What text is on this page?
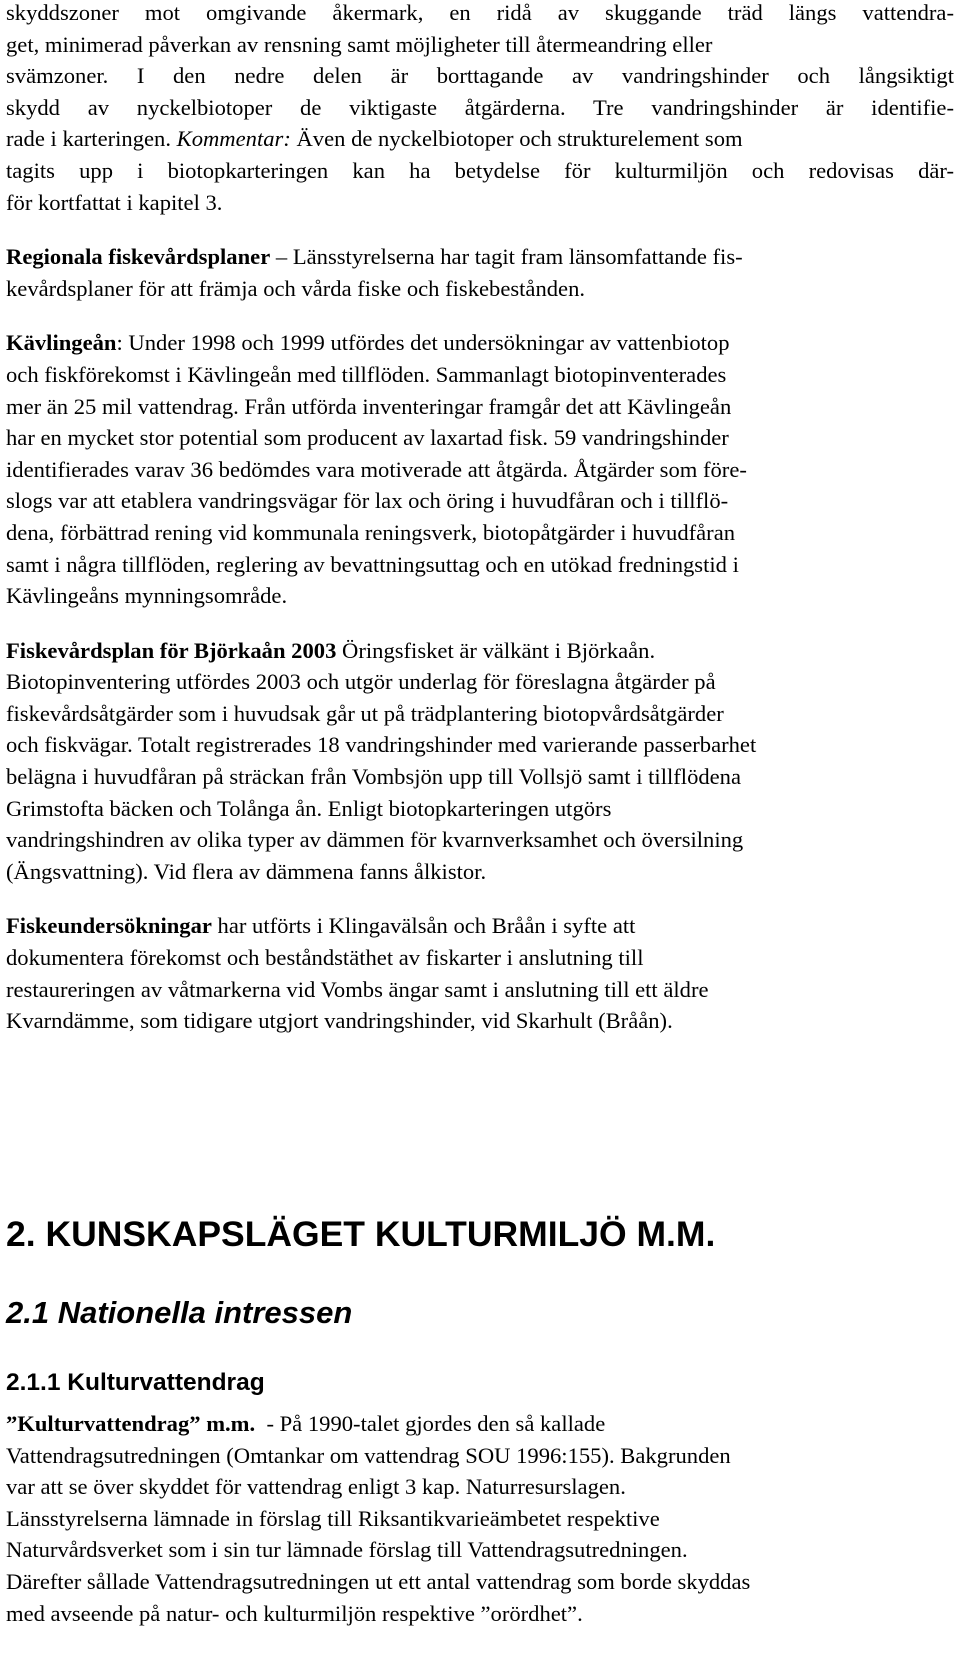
skyddszoner mot omgivande åkermark, en ridå av skuggande träd längs vattendra-
get, minimerad påverkan av rensning samt möjligheter till återmeandring eller
svämzoner. I den nedre delen är borttagande av vandringshinder och långsiktigt
skydd av nyckelbiotoper de viktigaste åtgärderna. Tre vandringshinder är identifie-
rade i karteringen. Kommentar: Även de nyckelbiotoper och strukturelement som
tagits upp i biotopkarteringen kan ha betydelse för kulturmiljön och redovisas där-
för kortfattat i kapitel 3.
Regionala fiskevårdsplaner – Länsstyrelserna har tagit fram länsomfattande fis-
kevårdsplaner för att främja och vårda fiske och fiskebestånden.
Kävlingeån: Under 1998 och 1999 utfördes det undersökningar av vattenbiotop
och fiskförekomst i Kävlingeån med tillflöden. Sammanlagt biotopinventerades
mer än 25 mil vattendrag. Från utförda inventeringar framgår det att Kävlingeån
har en mycket stor potential som producent av laxartad fisk. 59 vandringshinder
identifierades varav 36 bedömdes vara motiverade att åtgärda. Åtgärder som före-
slogs var att etablera vandringsvägar för lax och öring i huvudfåran och i tillflö-
dena, förbättrad rening vid kommunala reningsverk, biotopåtgärder i huvudfåran
samt i några tillflöden, reglering av bevattningsuttag och en utökad fredningstid i
Kävlingeåns mynningsområde.
Fiskevårdsplan för Björkaån 2003 Öringsfisket är välkänt i Björkaån.
Biotopinventering utfördes 2003 och utgör underlag för föreslagna åtgärder på
fiskevårdsåtgärder som i huvudsak går ut på trädplantering biotopvårdsåtgärder
och fiskvägar. Totalt registrerades 18 vandringshinder med varierande passerbarhet
belägna i huvudfåran på sträckan från Vombsjön upp till Vollsjö samt i tillflödena
Grimstofta bäcken och Tolånga ån. Enligt biotopkarteringen utgörs
vandringshindren av olika typer av dämmen för kvarnverksamhet och översilning
(Ängsvattning). Vid flera av dämmena fanns ålkistor.
Fiskeundersökningar har utförts i Klingavälsån och Bråån i syfte att
dokumentera förekomst och beståndstäthet av fiskarter i anslutning till
restaureringen av våtmarkerna vid Vombs ängar samt i anslutning till ett äldre
Kvarndämme, som tidigare utgjort vandringshinder, vid Skarhult (Bråån).
2. KUNSKAPSLÄGET KULTURMILJÖ M.M.
2.1 Nationella intressen
2.1.1 Kulturvattendrag
”Kulturvattendrag” m.m.  - På 1990-talet gjordes den så kallade
Vattendragsutredningen (Omtankar om vattendrag SOU 1996:155). Bakgrunden
var att se över skyddet för vattendrag enligt 3 kap. Naturresurslagen.
Länsstyrelserna lämnade in förslag till Riksantikvarieämbetet respektive
Naturvårdsverket som i sin tur lämnade förslag till Vattendragsutredningen.
Därefter sållade Vattendragsutredningen ut ett antal vattendrag som borde skyddas
med avseende på natur- och kulturmiljön respektive ”orördhet”.
